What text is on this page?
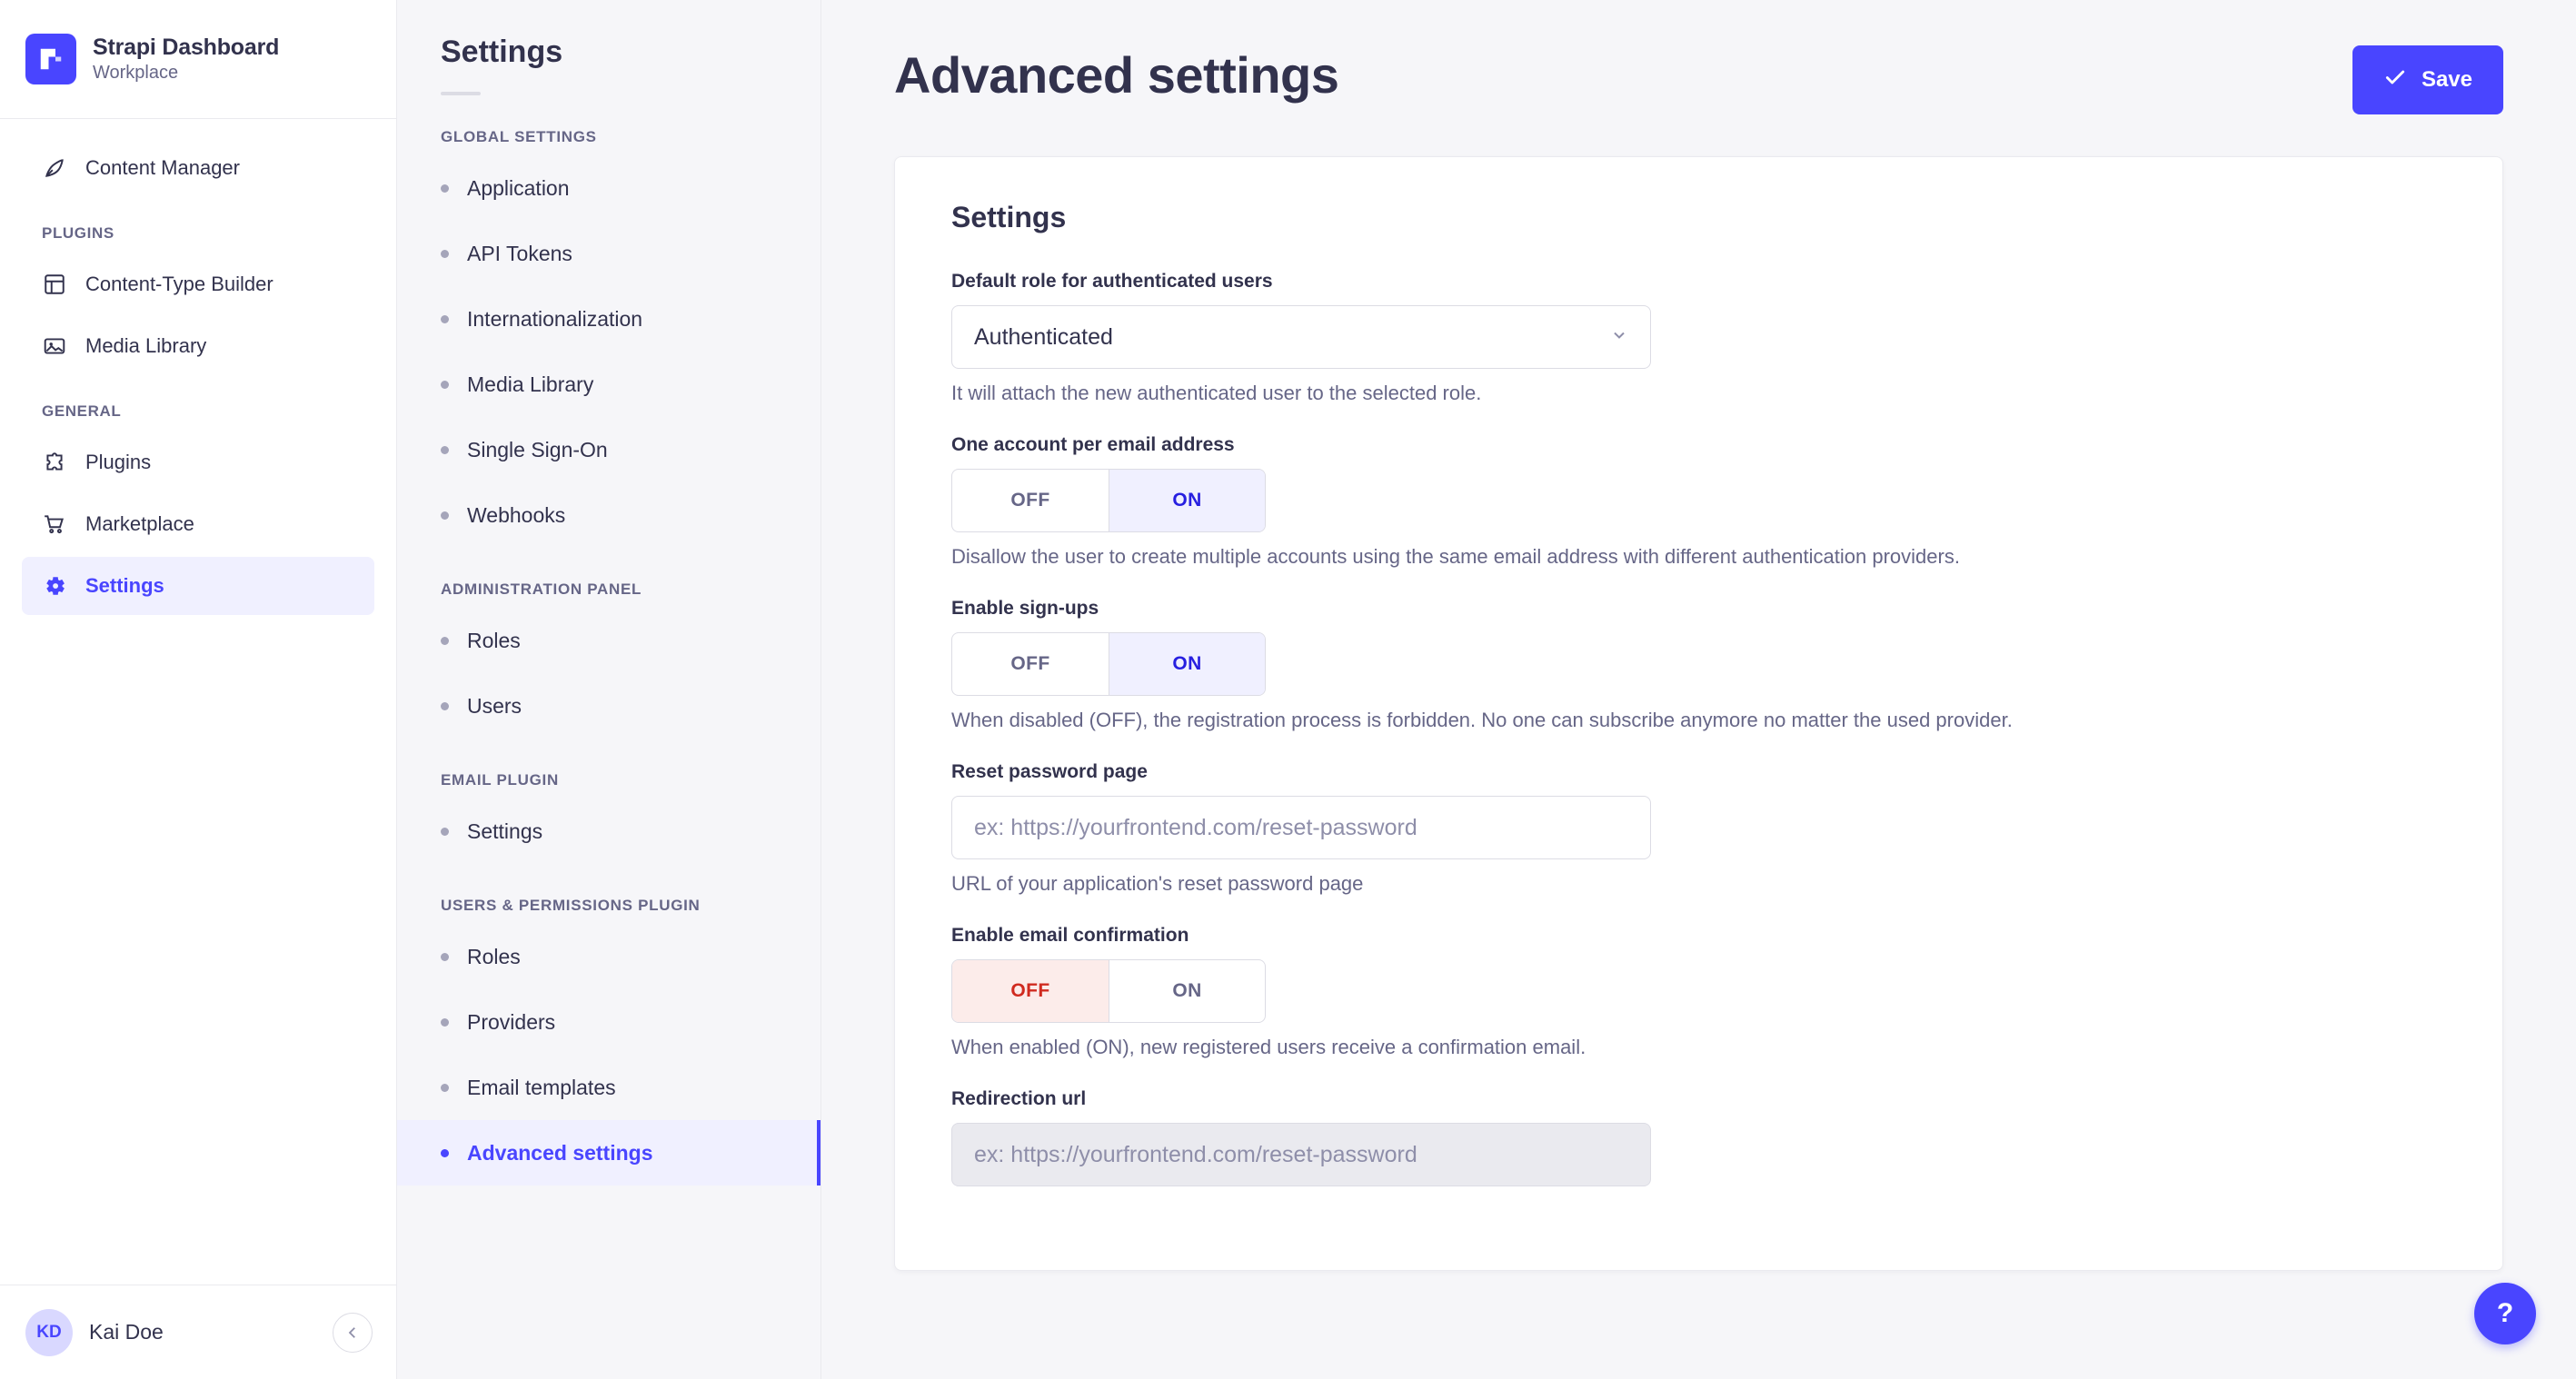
Strapi Dashboard
Workplace
Content Manager
PLUGINS
Content-Type Builder
Media Library
GENERAL
Plugins
Marketplace
Settings
KD	Kai Doe
Settings
GLOBAL SETTINGS
Application
API Tokens
Internationalization
Media Library
Single Sign-On
Webhooks
ADMINISTRATION PANEL
Roles
Users
EMAIL PLUGIN
Settings
USERS & PERMISSIONS PLUGIN
Roles
Providers
Email templates
Advanced settings
Advanced settings	Save
Settings
Default role for authenticated users
Authenticated
It will attach the new authenticated user to the selected role.
One account per email address
OFF	ON
Disallow the user to create multiple accounts using the same email address with different authentication providers.
Enable sign-ups
OFF	ON
When disabled (OFF), the registration process is forbidden. No one can subscribe anymore no matter the used provider.
Reset password page
ex: https://yourfrontend.com/reset-password
URL of your application's reset password page
Enable email confirmation
OFF	ON
When enabled (ON), new registered users receive a confirmation email.
Redirection url
ex: https://yourfrontend.com/reset-password
?
